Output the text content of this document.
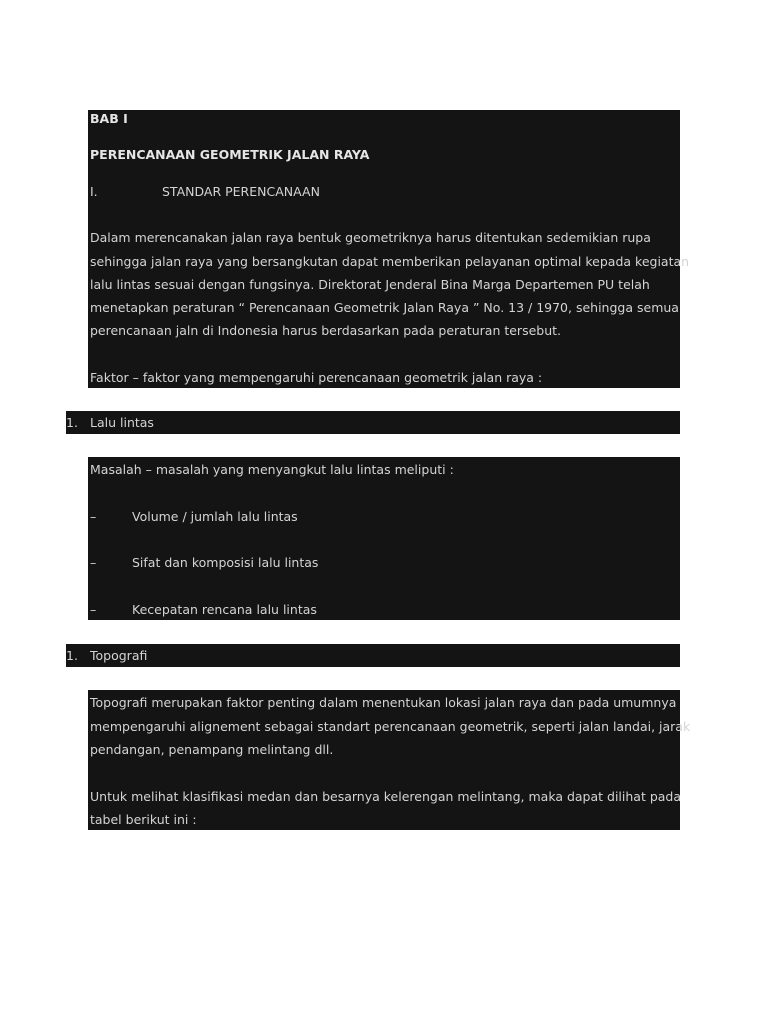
BAB I
PERENCANAAN GEOMETRIK JALAN RAYA
I.	STANDAR PERENCANAAN
Dalam merencanakan jalan raya bentuk geometriknya harus ditentukan sedemikian rupa
sehingga jalan raya yang bersangkutan dapat memberikan pelayanan optimal kepada kegiatan
lalu lintas sesuai dengan fungsinya. Direktorat Jenderal Bina Marga Departemen PU telah
menetapkan peraturan “ Perencanaan Geometrik Jalan Raya ” No. 13 / 1970, sehingga semua
perencanaan jaln di Indonesia harus berdasarkan pada peraturan tersebut.
Faktor – faktor yang mempengaruhi perencanaan geometrik jalan raya :
1. Lalu lintas
Masalah – masalah yang menyangkut lalu lintas meliputi :
–	Volume / jumlah lalu lintas
–	Sifat dan komposisi lalu lintas
–	Kecepatan rencana lalu lintas
1. Topografi
Topografi merupakan faktor penting dalam menentukan lokasi jalan raya dan pada umumnya
mempengaruhi alignement sebagai standart perencanaan geometrik, seperti jalan landai, jarak
pendangan, penampang melintang dll.
Untuk melihat klasifikasi medan dan besarnya kelerengan melintang, maka dapat dilihat pada
tabel berikut ini :
